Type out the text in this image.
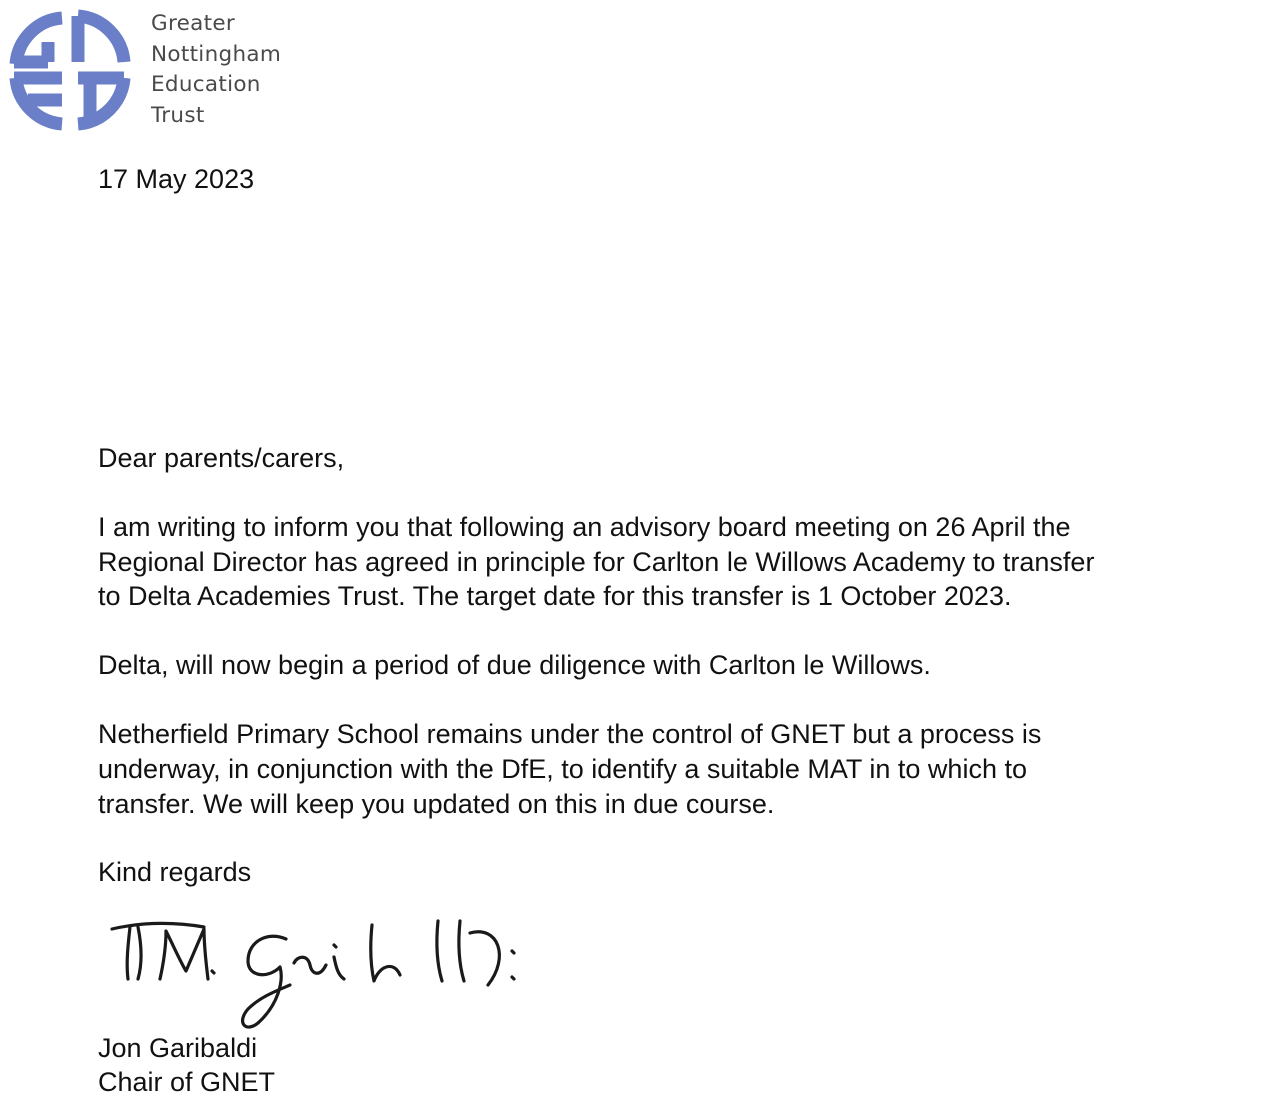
Greater
Nottingham
Education
Trust
17 May 2023

Dear parents/carers,

I am writing to inform you that following an advisory board meeting on 26 April the

Regional Director has agreed in principle for Carlton le Willows Academy to transfer

to Delta Academies Trust. The target date for this transfer is 1 October 2023.

Delta, will now begin a period of due diligence with Carlton le Willows.

Netherfield Primary School remains under the control of GNET but a process is

underway, in conjunction with the DfE, to identify a suitable MAT in to which to

transfer. We will keep you updated on this in due course.

Kind regards

Jon Garibaldi
Chair of GNET
